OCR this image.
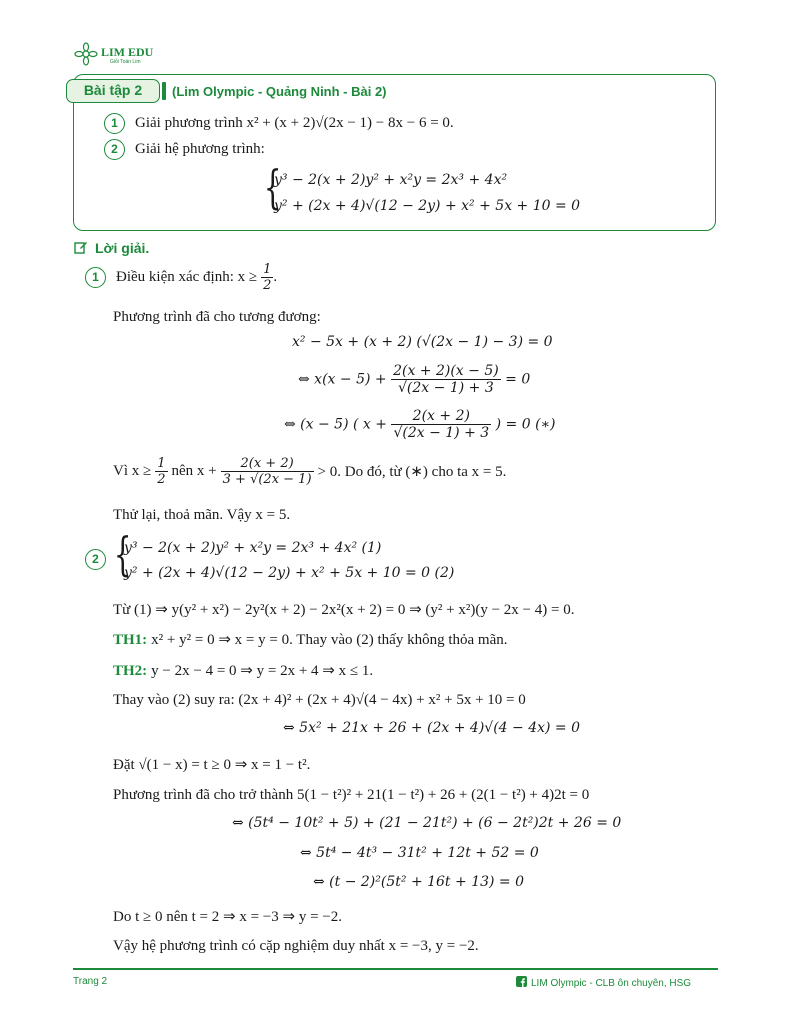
LIM EDU
Giỏi Toán Lim
Bài tập 2	(Lim Olympic - Quảng Ninh - Bài 2)
1 Giải phương trình x² + (x + 2)√(2x − 1) − 8x − 6 = 0.
2 Giải hệ phương trình:
{
y³ − 2(x + 2)y² + x²y = 2x³ + 4x²
y² + (2x + 4)√(12 − 2y) + x² + 5x + 10 = 0
Lời giải.
1 Điều kiện xác định: $x \ge \frac{1}{2}$ .
Phương trình đã cho tương đương:
x² − 5x + (x + 2) (√(2x − 1) − 3) = 0
⇔ $x(x - 5) + \frac{2(x + 2)(x - 5)}{√(2x - 1) + 3} = 0$
⇔ (x − 5) ( $x + \frac{2(x + 2)}{√(2x - 1) + 3}$ ) = 0 (∗)
Vì $x \ge \frac{1}{2}$ nên $x + \frac{2(x + 2)}{3 + √(2x - 1)} > 0$. Do đó, từ (∗) cho ta x = 5.
Thử lại, thoả mãn. Vậy x = 5.
2 {
y³ − 2(x + 2)y² + x²y = 2x³ + 4x² (1)
y² + (2x + 4)√(12 − 2y) + x² + 5x + 10 = 0 (2)
Từ (1) ⇒ y(y² + x²) − 2y²(x + 2) − 2x²(x + 2) = 0 ⇒ (y² + x²)(y − 2x − 4) = 0.
TH1: x² + y² = 0 ⇒ x = y = 0. Thay vào (2) thấy không thỏa mãn.
TH2: y − 2x − 4 = 0 ⇒ y = 2x + 4 ⇒ x ≤ 1.
Thay vào (2) suy ra: (2x + 4)² + (2x + 4)√(4 − 4x) + x² + 5x + 10 = 0
⇔ 5x² + 21x + 26 + (2x + 4)√(4 − 4x) = 0
Đặt √(1 − x) = t ≥ 0 ⇒ x = 1 − t².
Phương trình đã cho trở thành 5(1 − t²)² + 21(1 − t²) + 26 + (2(1 − t²) + 4)2t = 0
⇔ (5t⁴ − 10t² + 5) + (21 − 21t²) + (6 − 2t²)2t + 26 = 0
⇔ 5t⁴ − 4t³ − 31t² + 12t + 52 = 0
⇔ (t − 2)²(5t² + 16t + 13) = 0
Do t ≥ 0 nên t = 2 ⇒ x = −3 ⇒ y = −2.
Vậy hệ phương trình có cặp nghiệm duy nhất x = −3, y = −2.
Trang 2	LIM Olympic - CLB ôn chuyên, HSG
